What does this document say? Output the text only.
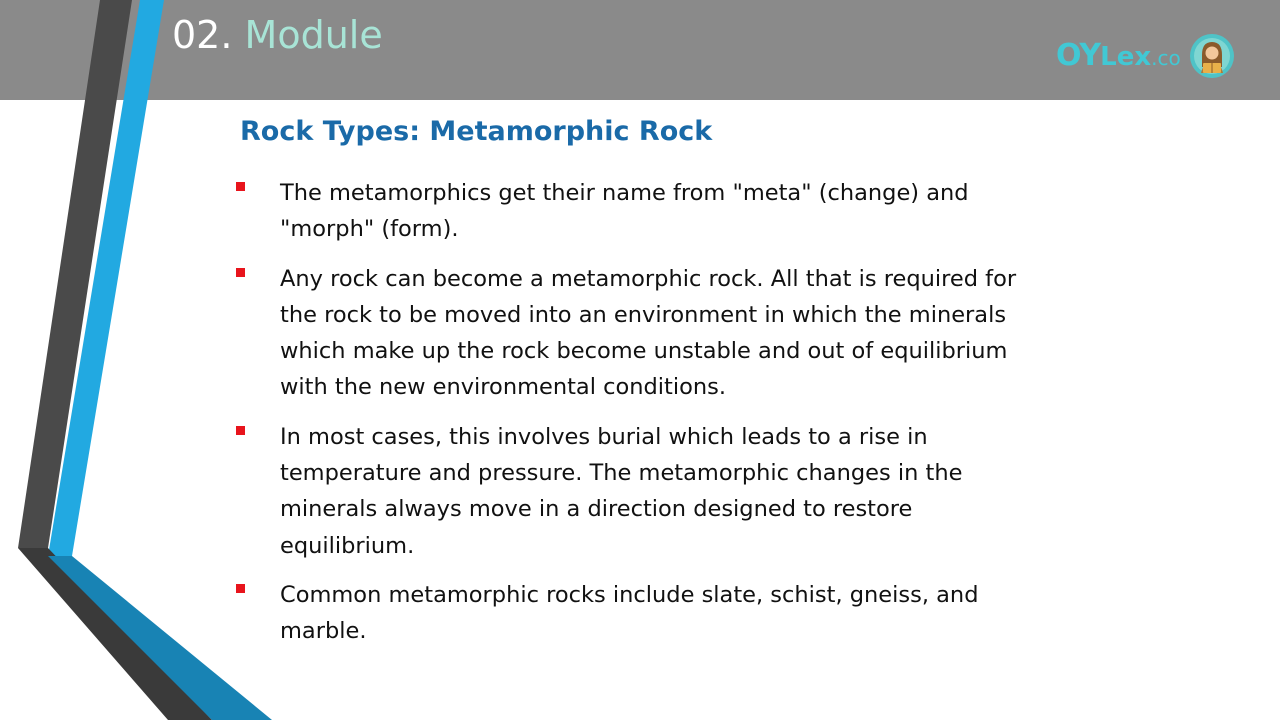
02. Module	OYLex.co
Rock Types: Metamorphic Rock
The metamorphics get their name from "meta" (change) and "morph" (form).
Any rock can become a metamorphic rock. All that is required for the rock to be moved into an environment in which the minerals which make up the rock become unstable and out of equilibrium with the new environmental conditions.
In most cases, this involves burial which leads to a rise in temperature and pressure. The metamorphic changes in the minerals always move in a direction designed to restore equilibrium.
Common metamorphic rocks include slate, schist, gneiss, and marble.
